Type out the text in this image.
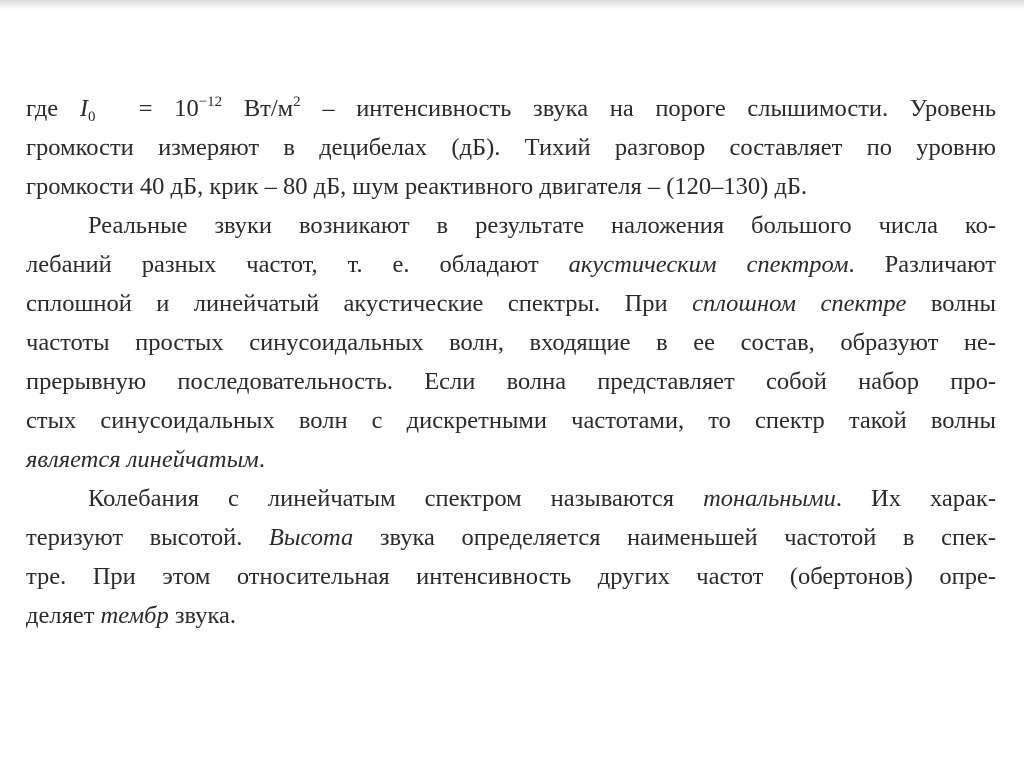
где $I_0 = 10^{-12}$ $Вт/м^2$ – интенсивность звука на пороге слышимости. Уровень
громкости измеряют в децибелах (дБ). Тихий разговор составляет по уровню
громкости 40 дБ, крик – 80 дБ, шум реактивного двигателя – (120–130) дБ.
Реальные звуки возникают в результате наложения большого числа ко-
лебаний разных частот, т. е. обладают акустическим спектром. Различают
сплошной и линейчатый акустические спектры. При сплошном спектре волны
частоты простых синусоидальных волн, входящие в ее состав, образуют не-
прерывную последовательность. Если волна представляет собой набор про-
стых синусоидальных волн с дискретными частотами, то спектр такой волны
является линейчатым.
Колебания с линейчатым спектром называются тональными. Их харак-
теризуют высотой. Высота звука определяется наименьшей частотой в спек-
тре. При этом относительная интенсивность других частот (обертонов) опре-
деляет тембр звука.
